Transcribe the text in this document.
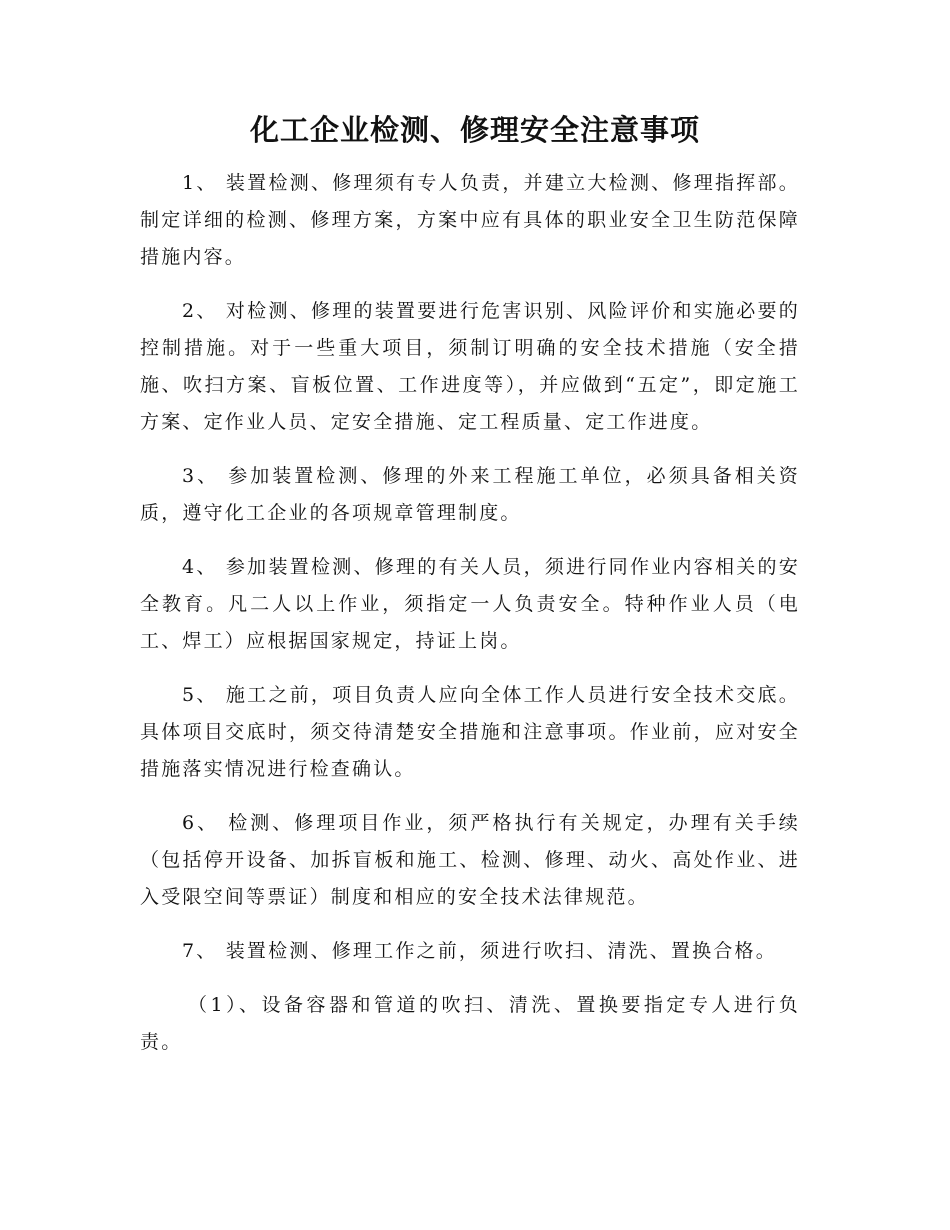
化工企业检测、修理安全注意事项

1、 装置检测、修理须有专人负责，并建立大检测、修理指挥部。制定详细的检测、修理方案，方案中应有具体的职业安全卫生防范保障措施内容。

2、 对检测、修理的装置要进行危害识别、风险评价和实施必要的控制措施。对于一些重大项目，须制订明确的安全技术措施（安全措施、吹扫方案、盲板位置、工作进度等），并应做到“五定”，即定施工方案、定作业人员、定安全措施、定工程质量、定工作进度。

3、 参加装置检测、修理的外来工程施工单位，必须具备相关资质，遵守化工企业的各项规章管理制度。

4、 参加装置检测、修理的有关人员，须进行同作业内容相关的安全教育。凡二人以上作业，须指定一人负责安全。特种作业人员（电工、焊工）应根据国家规定，持证上岗。

5、 施工之前，项目负责人应向全体工作人员进行安全技术交底。具体项目交底时，须交待清楚安全措施和注意事项。作业前，应对安全措施落实情况进行检查确认。

6、 检测、修理项目作业，须严格执行有关规定，办理有关手续（包括停开设备、加拆盲板和施工、检测、修理、动火、高处作业、进入受限空间等票证）制度和相应的安全技术法律规范。

7、 装置检测、修理工作之前，须进行吹扫、清洗、置换合格。

（1）、设备容器和管道的吹扫、清洗、置换要指定专人进行负责。
